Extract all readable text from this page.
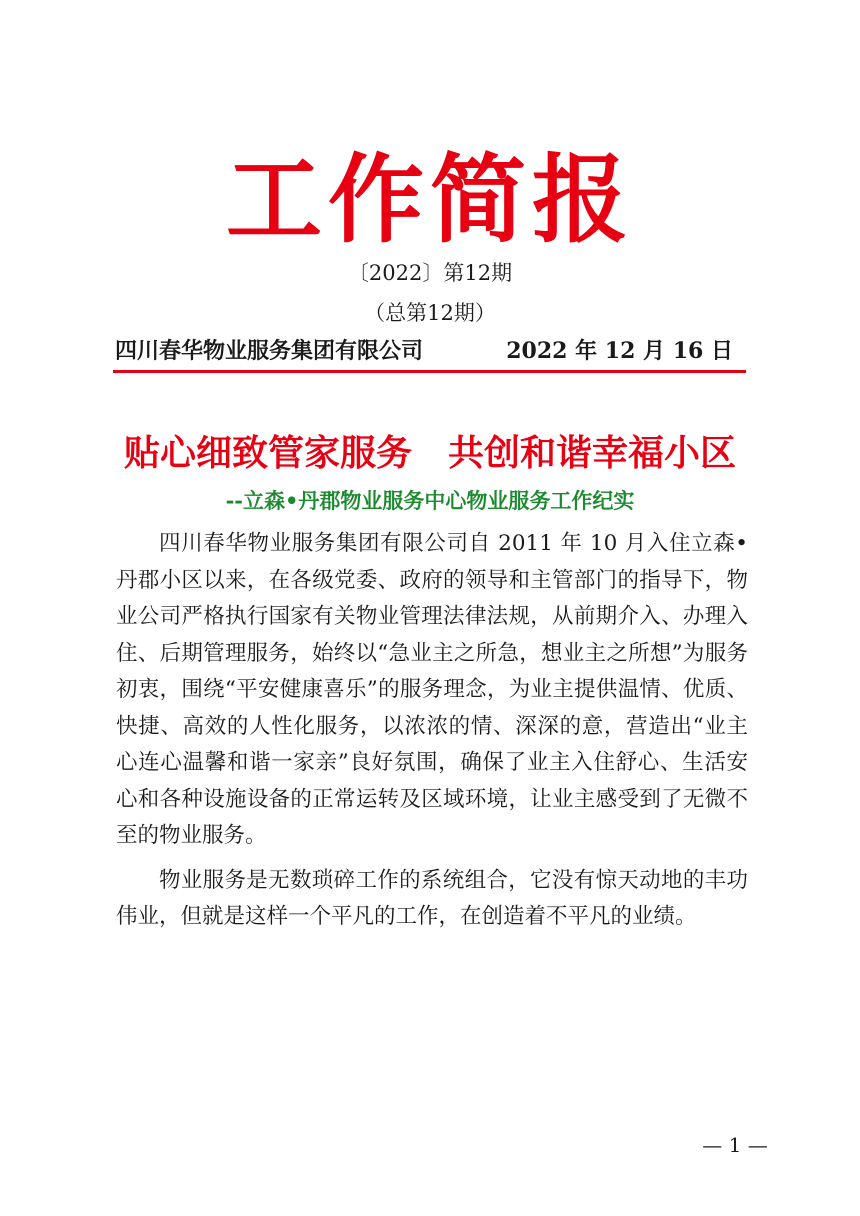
工作简报
〔2022〕第12期
（总第12期）
四川春华物业服务集团有限公司	2022 年 12 月 16 日
贴心细致管家服务　共创和谐幸福小区
--立森•丹郡物业服务中心物业服务工作纪实

四川春华物业服务集团有限公司自 2011 年 10 月入住立森•丹郡小区以来，在各级党委、政府的领导和主管部门的指导下，物业公司严格执行国家有关物业管理法律法规，从前期介入、办理入住、后期管理服务，始终以“急业主之所急，想业主之所想”为服务初衷，围绕“平安健康喜乐”的服务理念，为业主提供温情、优质、快捷、高效的人性化服务，以浓浓的情、深深的意，营造出“业主心连心温馨和谐一家亲”良好氛围，确保了业主入住舒心、生活安心和各种设施设备的正常运转及区域环境，让业主感受到了无微不至的物业服务。

物业服务是无数琐碎工作的系统组合，它没有惊天动地的丰功伟业，但就是这样一个平凡的工作，在创造着不平凡的业绩。

— 1 —
